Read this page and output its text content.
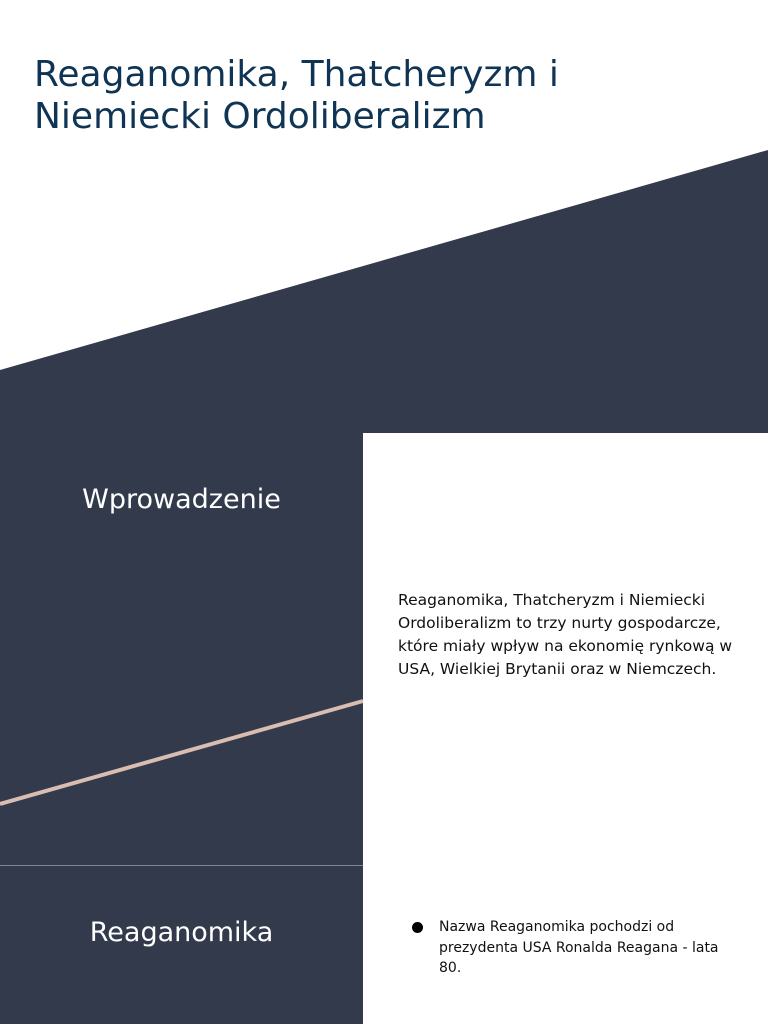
Reaganomika, Thatcheryzm i Niemiecki Ordoliberalizm
Wprowadzenie

Reaganomika, Thatcheryzm i Niemiecki Ordoliberalizm to trzy nurty gospodarcze, które miały wpływ na ekonomię rynkową w USA, Wielkiej Brytanii oraz w Niemczech.

Reaganomika	Nazwa Reaganomika pochodzi od prezydenta USA Ronalda Reagana - lata 80.
